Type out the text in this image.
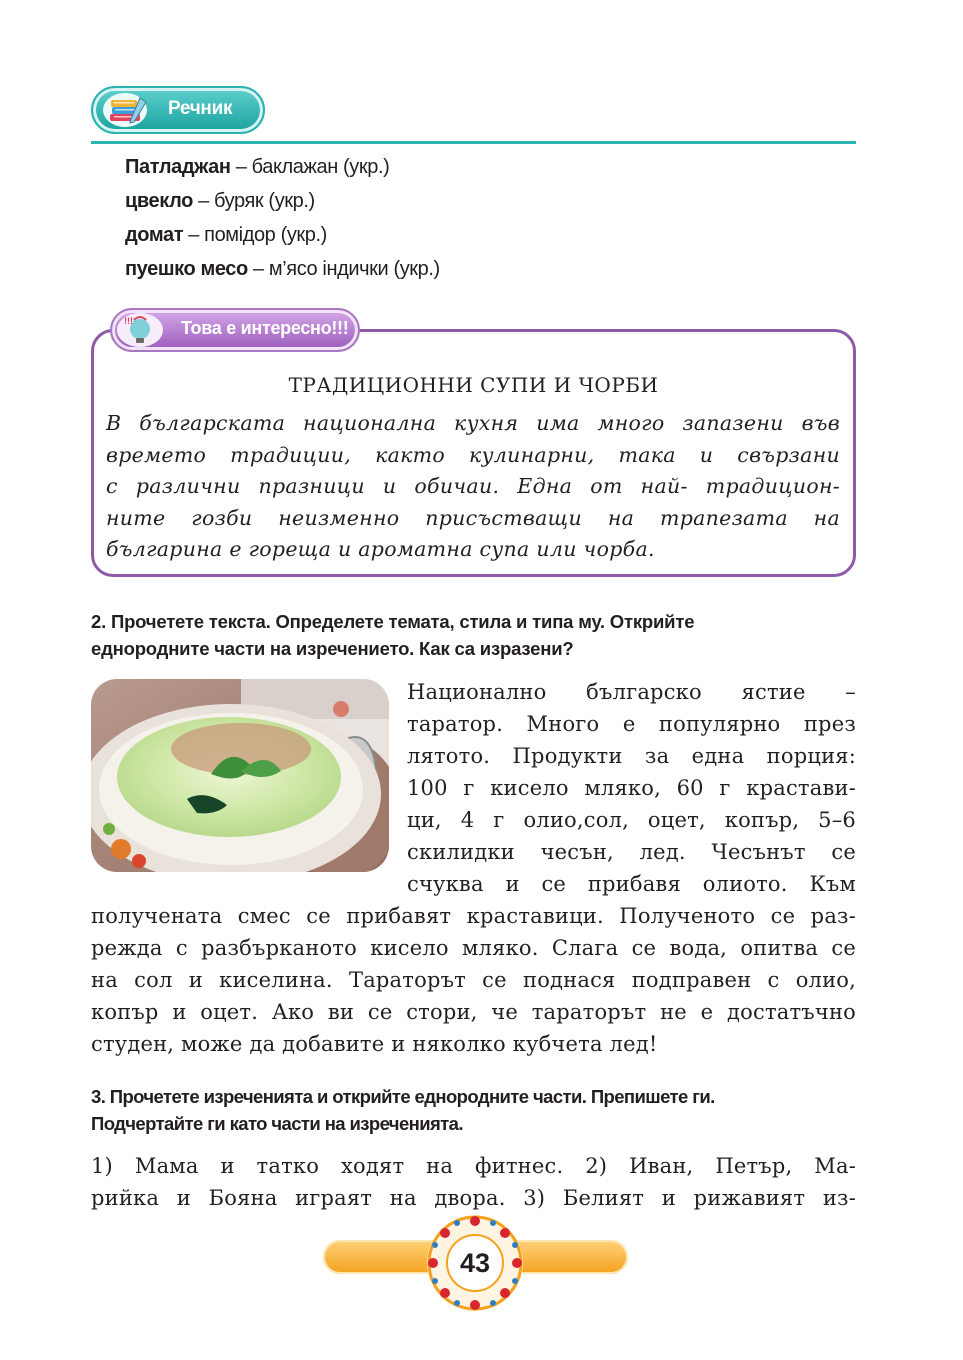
Речник
Патладжан – баклажан (укр.)
цвекло – буряк (укр.)
домат – помідор (укр.)
пуешко месо – м’ясо індички (укр.)
!!!	Това е интересно!!!
ТРАДИЦИОННИ СУПИ И ЧОРБИ
В българската национална кухня има много запазени във
времето традиции, както кулинарни, така и свързани
с различни празници и обичаи. Една от най- традицион-
ните гозби неизменно присъстващи на трапезата на
българина е гореща и ароматна супа или чорба.
2. Прочетете текста. Определете темата, стила и типа му. Открийте
еднородните части на изречението. Как са изразени?
Национално българско ястие –
таратор. Много е популярно през
лятото. Продукти за една порция:
100 г кисело мляко, 60 г крастави-
ци, 4 г олио,сол, оцет, копър, 5–6
скилидки чесън, лед. Чесънът се
счуква и се прибавя олиото. Към
получената смес се прибавят краставици. Полученото се раз-
режда с разбърканото кисело мляко. Слага се вода, опитва се
на сол и киселина. Тараторът се поднася подправен с олио,
копър и оцет. Ако ви се стори, че тараторът не е достатъчно
студен, може да добавите и няколко кубчета лед!
3. Прочетете изреченията и открийте еднородните части. Препишете ги.
Подчертайте ги като части на изреченията.
1) Мама и татко ходят на фитнес. 2) Иван, Петър, Ма-
рийка и Бояна играят на двора. 3) Белият и рижавият из-
43
